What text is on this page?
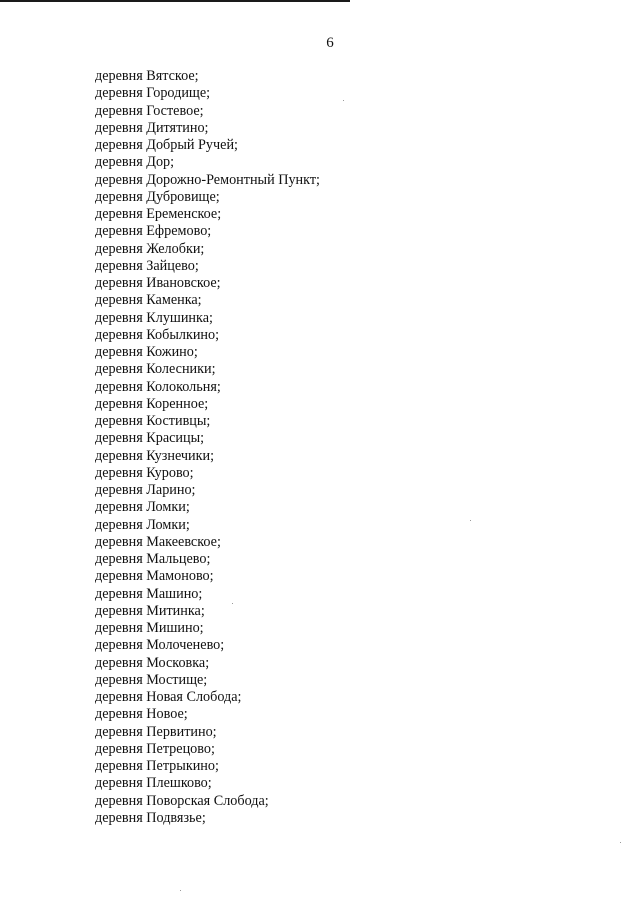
6
деревня Вятское;
деревня Городище;
деревня Гостевое;
деревня Дитятино;
деревня Добрый Ручей;
деревня Дор;
деревня Дорожно-Ремонтный Пункт;
деревня Дубровище;
деревня Еременское;
деревня Ефремово;
деревня Желобки;
деревня Зайцево;
деревня Ивановское;
деревня Каменка;
деревня Клушинка;
деревня Кобылкино;
деревня Кожино;
деревня Колесники;
деревня Колокольня;
деревня Коренное;
деревня Костивцы;
деревня Красицы;
деревня Кузнечики;
деревня Курово;
деревня Ларино;
деревня Ломки;
деревня Ломки;
деревня Макеевское;
деревня Мальцево;
деревня Мамоново;
деревня Машино;
деревня Митинка;
деревня Мишино;
деревня Молоченево;
деревня Московка;
деревня Мостище;
деревня Новая Слобода;
деревня Новое;
деревня Первитино;
деревня Петрецово;
деревня Петрыкино;
деревня Плешково;
деревня Поворская Слобода;
деревня Подвязье;
